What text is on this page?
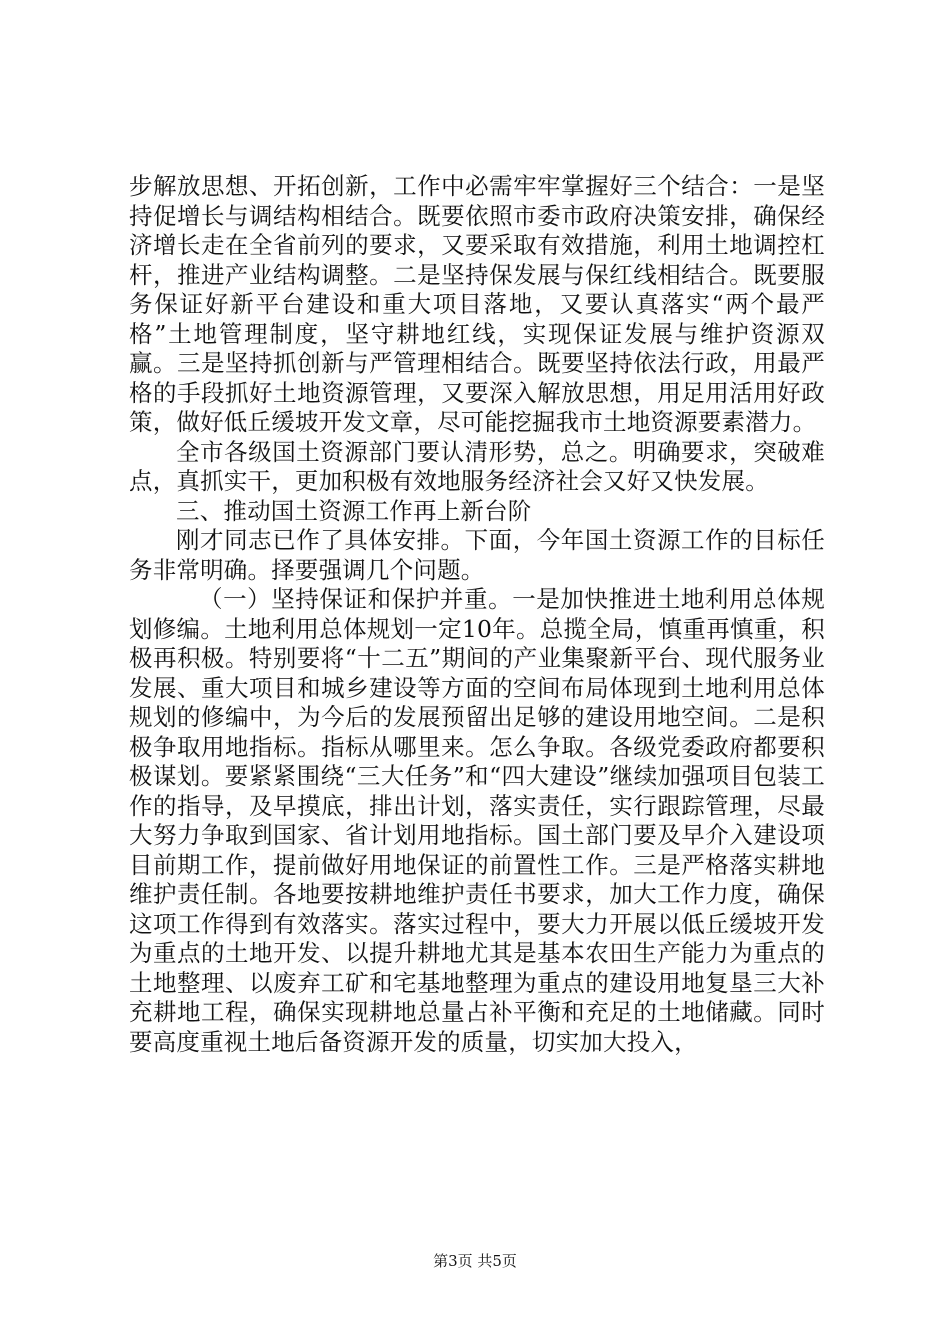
步解放思想、开拓创新，工作中必需牢牢掌握好三个结合：一是坚持促增长与调结构相结合。既要依照市委市政府决策安排，确保经济增长走在全省前列的要求，又要采取有效措施，利用土地调控杠杆，推进产业结构调整。二是坚持保发展与保红线相结合。既要服务保证好新平台建设和重大项目落地，又要认真落实“两个最严格”土地管理制度，坚守耕地红线，实现保证发展与维护资源双赢。三是坚持抓创新与严管理相结合。既要坚持依法行政，用最严格的手段抓好土地资源管理，又要深入解放思想，用足用活用好政策，做好低丘缓坡开发文章，尽可能挖掘我市土地资源要素潜力。

全市各级国土资源部门要认清形势，总之。明确要求，突破难点，真抓实干，更加积极有效地服务经济社会又好又快发展。

三、推动国土资源工作再上新台阶

刚才同志已作了具体安排。下面，今年国土资源工作的目标任务非常明确。择要强调几个问题。

（一）坚持保证和保护并重。一是加快推进土地利用总体规划修编。土地利用总体规划一定10年。总揽全局，慎重再慎重，积极再积极。特别要将“十二五”期间的产业集聚新平台、现代服务业发展、重大项目和城乡建设等方面的空间布局体现到土地利用总体规划的修编中，为今后的发展预留出足够的建设用地空间。二是积极争取用地指标。指标从哪里来。怎么争取。各级党委政府都要积极谋划。要紧紧围绕“三大任务”和“四大建设”继续加强项目包装工作的指导，及早摸底，排出计划，落实责任，实行跟踪管理，尽最大努力争取到国家、省计划用地指标。国土部门要及早介入建设项目前期工作，提前做好用地保证的前置性工作。三是严格落实耕地维护责任制。各地要按耕地维护责任书要求，加大工作力度，确保这项工作得到有效落实。落实过程中，要大力开展以低丘缓坡开发为重点的土地开发、以提升耕地尤其是基本农田生产能力为重点的土地整理、以废弃工矿和宅基地整理为重点的建设用地复垦三大补充耕地工程，确保实现耕地总量占补平衡和充足的土地储藏。同时要高度重视土地后备资源开发的质量，切实加大投入，

第3页 共5页
